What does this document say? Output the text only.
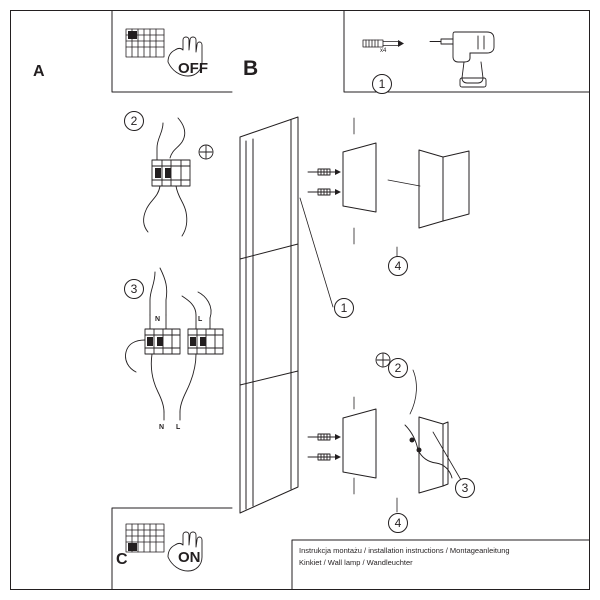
A	OFF
C	ON
B
x4
1
2
3
1
4
2
3
4
N	L
N L
Instrukcja montażu / installation instructions / Montageanleitung
Kinkiet / Wall lamp / Wandleuchter
